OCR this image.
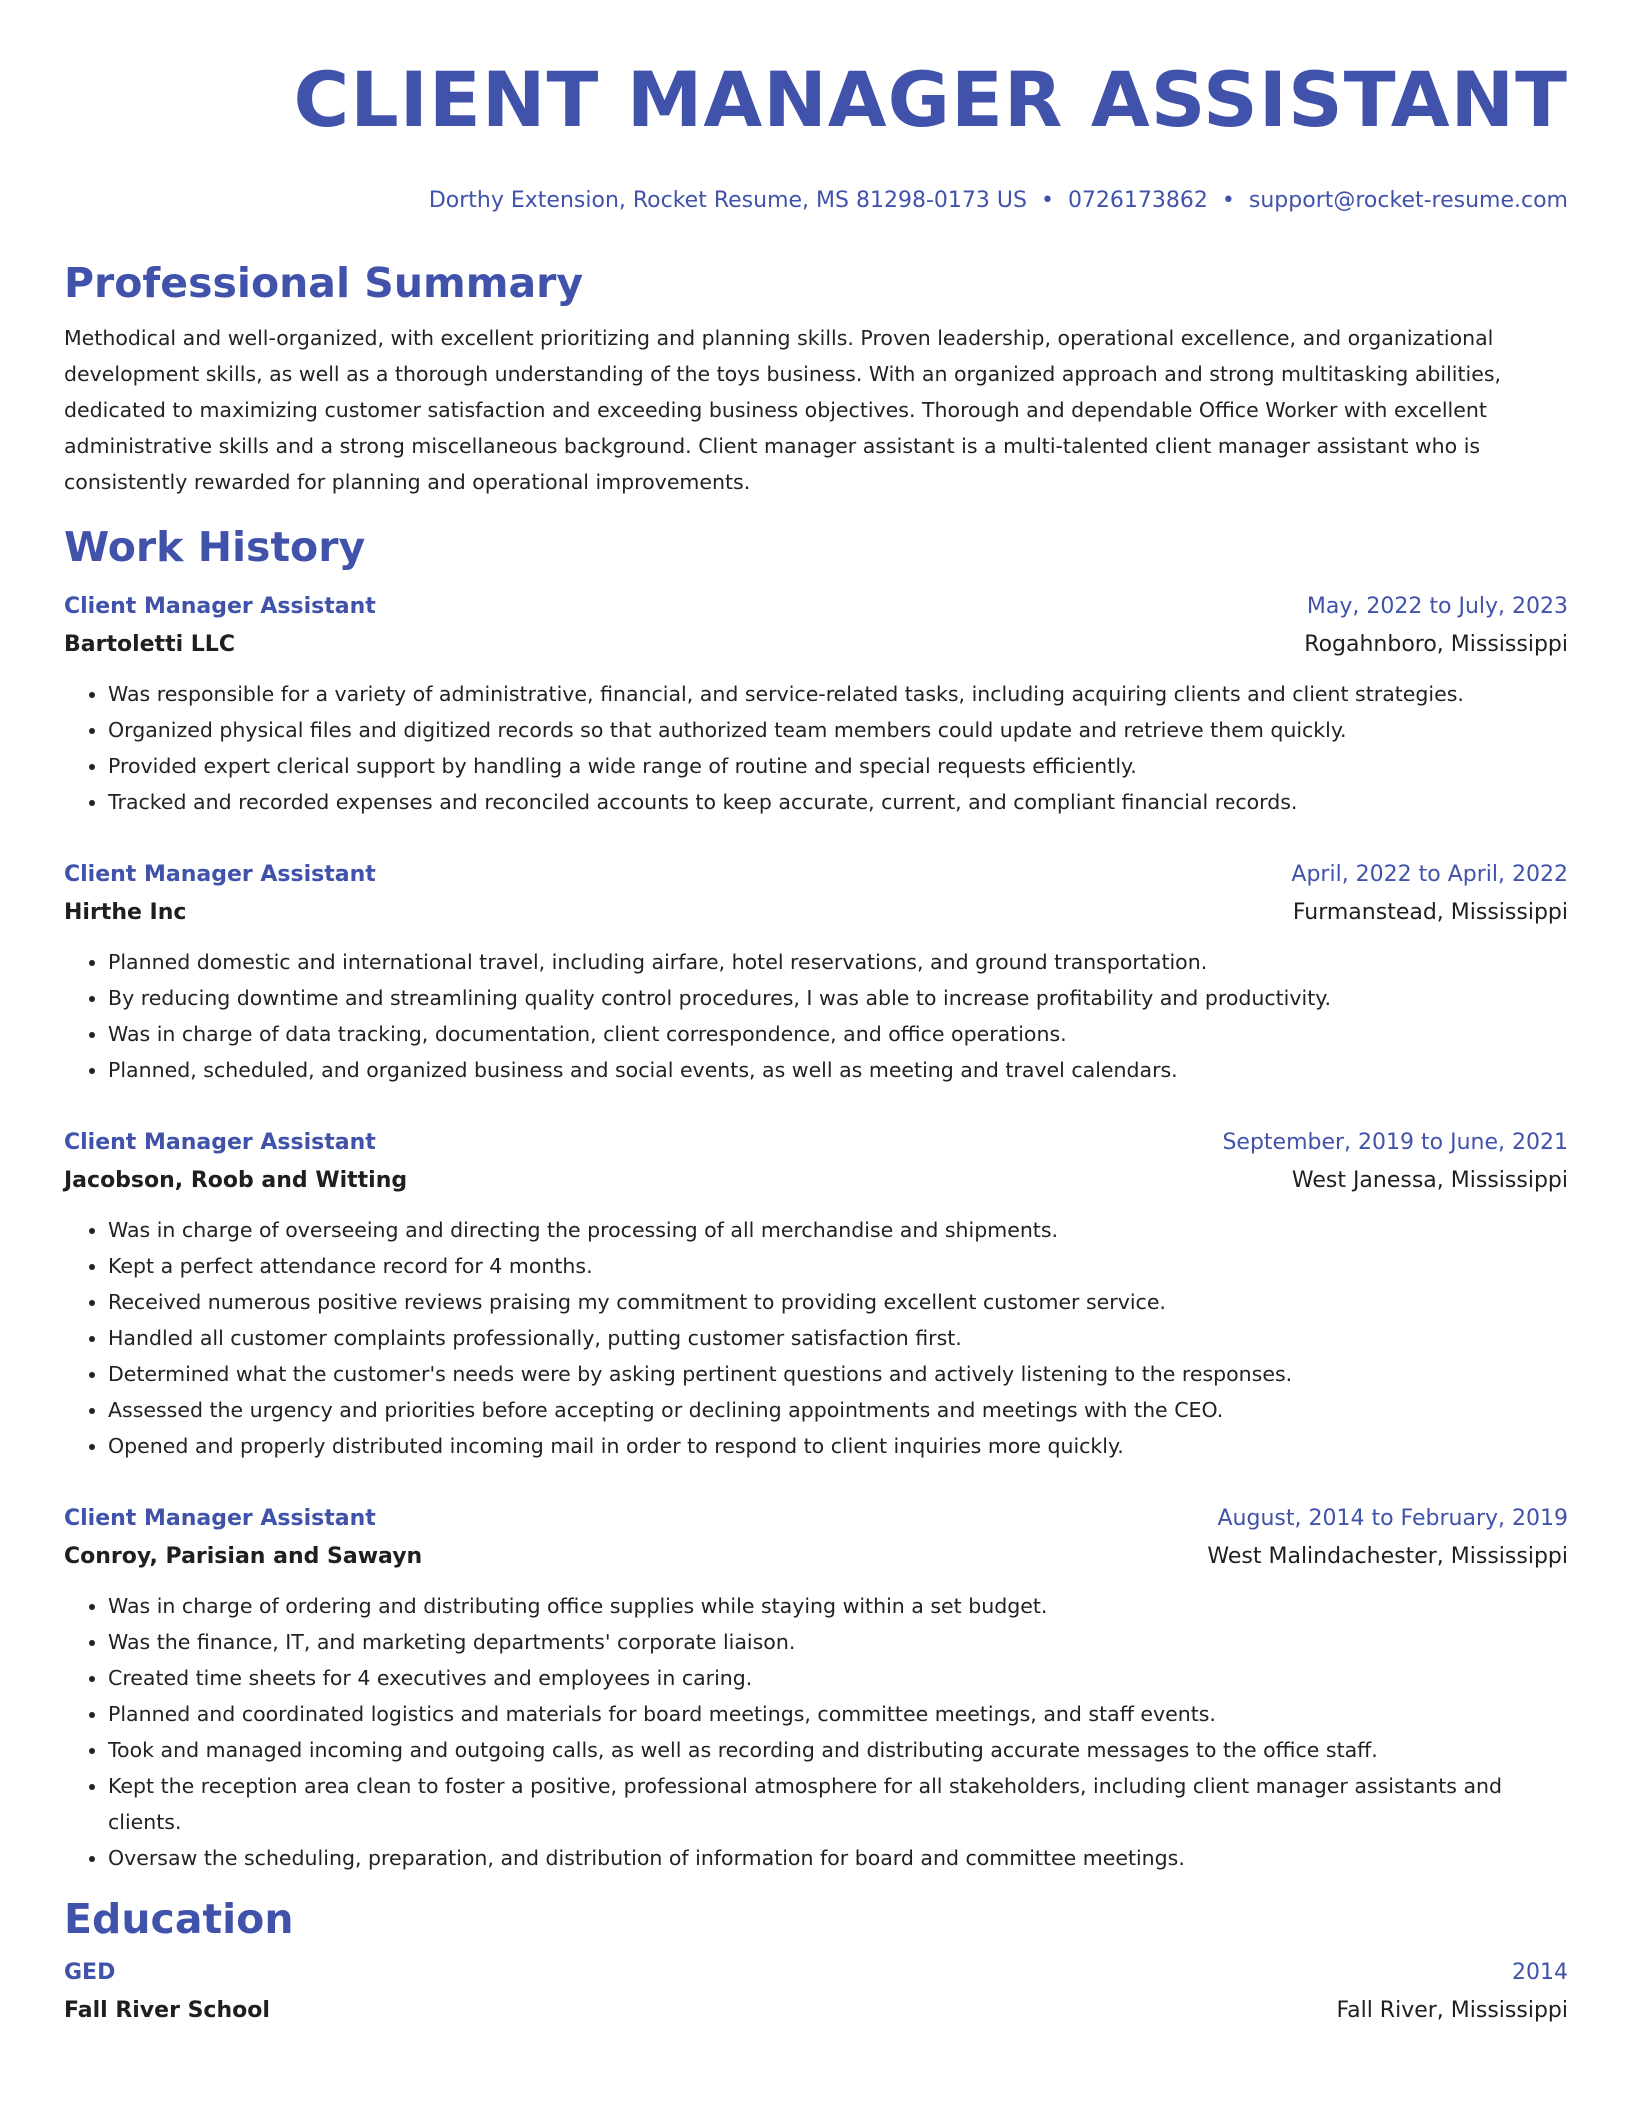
CLIENT MANAGER ASSISTANT
Dorthy Extension, Rocket Resume, MS 81298-0173 US • 0726173862 • support@rocket-resume.com
Professional Summary
Methodical and well-organized, with excellent prioritizing and planning skills. Proven leadership, operational excellence, and organizational development skills, as well as a thorough understanding of the toys business. With an organized approach and strong multitasking abilities, dedicated to maximizing customer satisfaction and exceeding business objectives. Thorough and dependable Office Worker with excellent administrative skills and a strong miscellaneous background. Client manager assistant is a multi-talented client manager assistant who is consistently rewarded for planning and operational improvements.
Work History
Client Manager Assistant	May, 2022 to July, 2023
Bartoletti LLC	Rogahnboro, Mississippi
• Was responsible for a variety of administrative, financial, and service-related tasks, including acquiring clients and client strategies.
• Organized physical files and digitized records so that authorized team members could update and retrieve them quickly.
• Provided expert clerical support by handling a wide range of routine and special requests efficiently.
• Tracked and recorded expenses and reconciled accounts to keep accurate, current, and compliant financial records.
Client Manager Assistant	April, 2022 to April, 2022
Hirthe Inc	Furmanstead, Mississippi
• Planned domestic and international travel, including airfare, hotel reservations, and ground transportation.
• By reducing downtime and streamlining quality control procedures, I was able to increase profitability and productivity.
• Was in charge of data tracking, documentation, client correspondence, and office operations.
• Planned, scheduled, and organized business and social events, as well as meeting and travel calendars.
Client Manager Assistant	September, 2019 to June, 2021
Jacobson, Roob and Witting	West Janessa, Mississippi
• Was in charge of overseeing and directing the processing of all merchandise and shipments.
• Kept a perfect attendance record for 4 months.
• Received numerous positive reviews praising my commitment to providing excellent customer service.
• Handled all customer complaints professionally, putting customer satisfaction first.
• Determined what the customer's needs were by asking pertinent questions and actively listening to the responses.
• Assessed the urgency and priorities before accepting or declining appointments and meetings with the CEO.
• Opened and properly distributed incoming mail in order to respond to client inquiries more quickly.
Client Manager Assistant	August, 2014 to February, 2019
Conroy, Parisian and Sawayn	West Malindachester, Mississippi
• Was in charge of ordering and distributing office supplies while staying within a set budget.
• Was the finance, IT, and marketing departments' corporate liaison.
• Created time sheets for 4 executives and employees in caring.
• Planned and coordinated logistics and materials for board meetings, committee meetings, and staff events.
• Took and managed incoming and outgoing calls, as well as recording and distributing accurate messages to the office staff.
• Kept the reception area clean to foster a positive, professional atmosphere for all stakeholders, including client manager assistants and clients.
• Oversaw the scheduling, preparation, and distribution of information for board and committee meetings.
Education
GED	2014
Fall River School	Fall River, Mississippi
